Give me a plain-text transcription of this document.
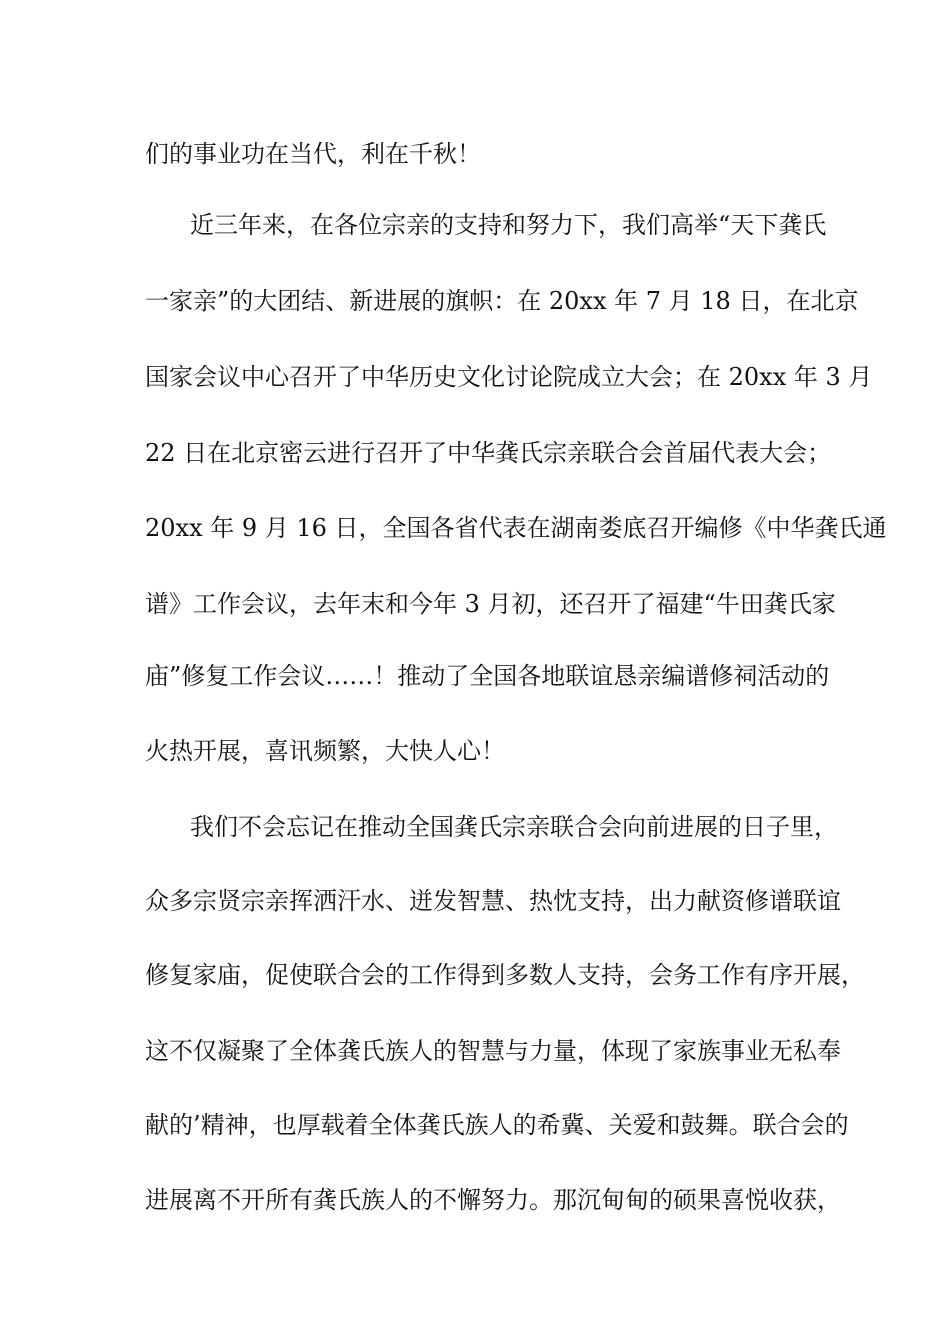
们的事业功在当代，利在千秋！
近三年来，在各位宗亲的支持和努力下，我们高举“天下龚氏
一家亲”的大团结、新进展的旗帜：在 20xx 年 7 月 18 日，在北京
国家会议中心召开了中华历史文化讨论院成立大会；在 20xx 年 3 月
22 日在北京密云进行召开了中华龚氏宗亲联合会首届代表大会；
20xx 年 9 月 16 日，全国各省代表在湖南娄底召开编修《中华龚氏通
谱》工作会议，去年末和今年 3 月初，还召开了福建“牛田龚氏家
庙”修复工作会议……！推动了全国各地联谊恳亲编谱修祠活动的
火热开展，喜讯频繁，大快人心！
我们不会忘记在推动全国龚氏宗亲联合会向前进展的日子里，
众多宗贤宗亲挥洒汗水、迸发智慧、热忱支持，出力献资修谱联谊
修复家庙，促使联合会的工作得到多数人支持，会务工作有序开展，
这不仅凝聚了全体龚氏族人的智慧与力量，体现了家族事业无私奉
献的’精神，也厚载着全体龚氏族人的希冀、关爱和鼓舞。联合会的
进展离不开所有龚氏族人的不懈努力。那沉甸甸的硕果喜悦收获，
